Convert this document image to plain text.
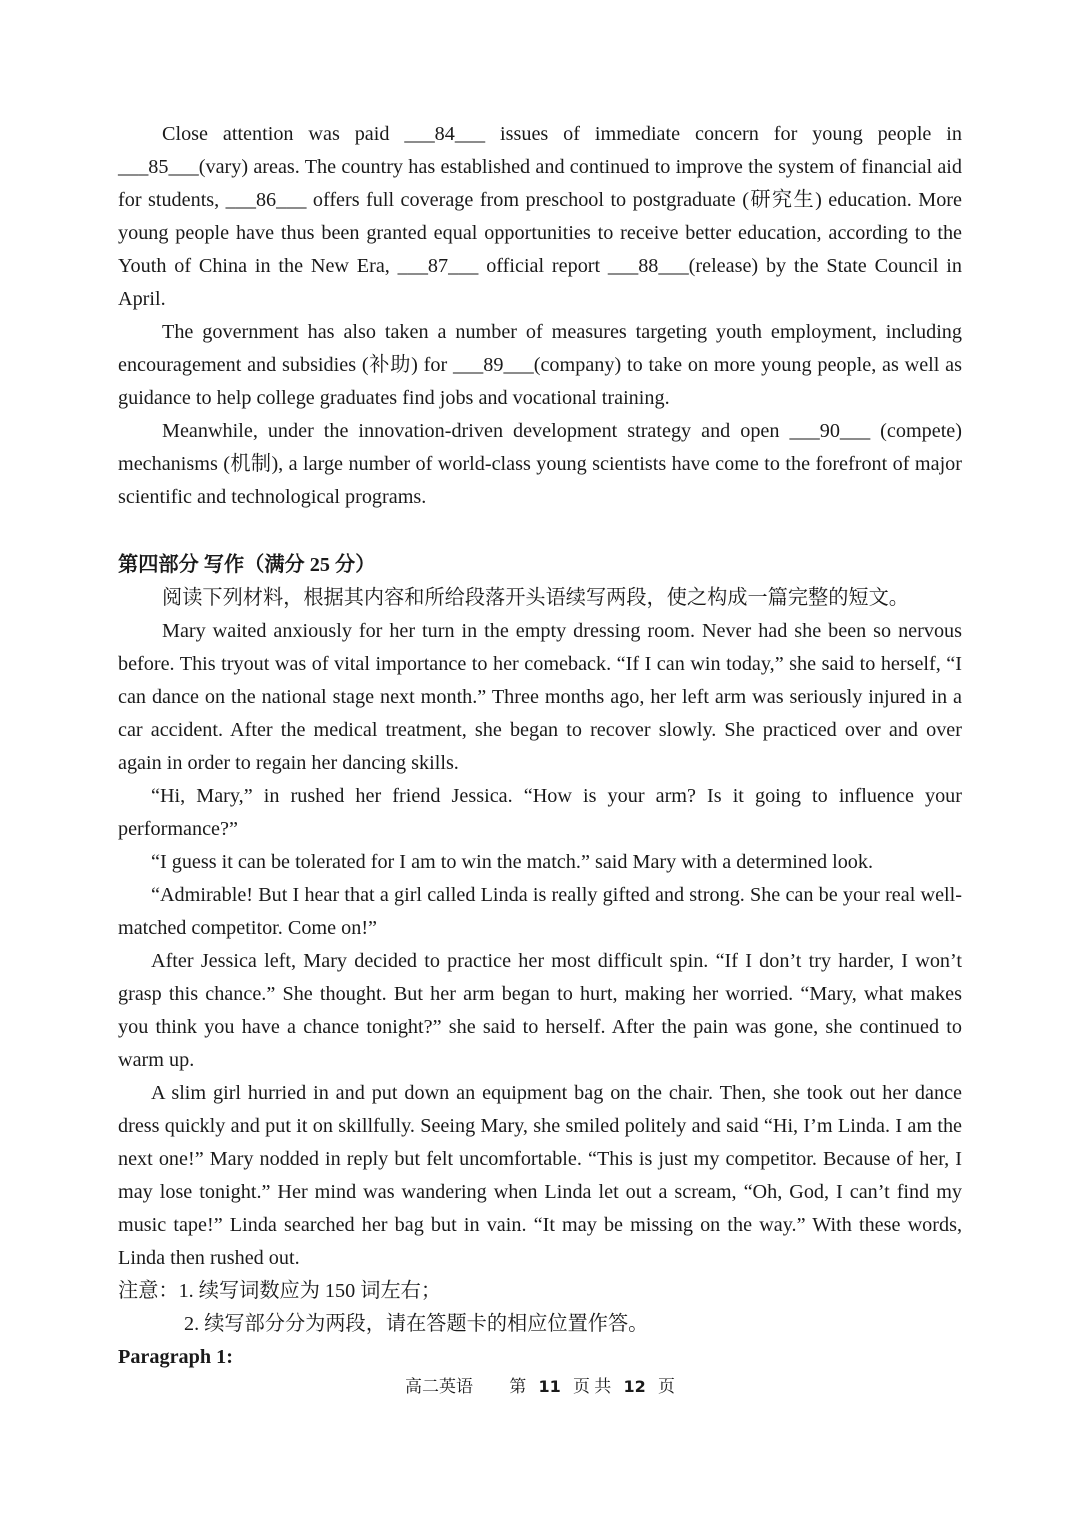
Close attention was paid ___84___ issues of immediate concern for young people in ___85___(vary) areas. The country has established and continued to improve the system of financial aid for students, ___86___ offers full coverage from preschool to postgraduate (研究生) education. More young people have thus been granted equal opportunities to receive better education, according to the Youth of China in the New Era, ___87___ official report ___88___(release) by the State Council in April.

The government has also taken a number of measures targeting youth employment, including encouragement and subsidies (补助) for ___89___(company) to take on more young people, as well as guidance to help college graduates find jobs and vocational training.

Meanwhile, under the innovation-driven development strategy and open ___90___ (compete) mechanisms (机制), a large number of world-class young scientists have come to the forefront of major scientific and technological programs.

第四部分 写作（满分 25 分）

阅读下列材料，根据其内容和所给段落开头语续写两段，使之构成一篇完整的短文。

Mary waited anxiously for her turn in the empty dressing room. Never had she been so nervous before. This tryout was of vital importance to her comeback. “If I can win today,” she said to herself, “I can dance on the national stage next month.” Three months ago, her left arm was seriously injured in a car accident. After the medical treatment, she began to recover slowly. She practiced over and over again in order to regain her dancing skills.

“Hi, Mary,” in rushed her friend Jessica. “How is your arm? Is it going to influence your performance?”

“I guess it can be tolerated for I am to win the match.” said Mary with a determined look.

“Admirable! But I hear that a girl called Linda is really gifted and strong. She can be your real well-matched competitor. Come on!”

After Jessica left, Mary decided to practice her most difficult spin. “If I don’t try harder, I won’t grasp this chance.” She thought. But her arm began to hurt, making her worried. “Mary, what makes you think you have a chance tonight?” she said to herself. After the pain was gone, she continued to warm up.

A slim girl hurried in and put down an equipment bag on the chair. Then, she took out her dance dress quickly and put it on skillfully. Seeing Mary, she smiled politely and said “Hi, I’m Linda. I am the next one!” Mary nodded in reply but felt uncomfortable. “This is just my competitor. Because of her, I may lose tonight.” Her mind was wandering when Linda let out a scream, “Oh, God, I can’t find my music tape!” Linda searched her bag but in vain. “It may be missing on the way.” With these words, Linda then rushed out.

注意：1. 续写词数应为 150 词左右；

2. 续写部分分为两段，请在答题卡的相应位置作答。

Paragraph 1:

高二英语 第 11 页 共 12 页
